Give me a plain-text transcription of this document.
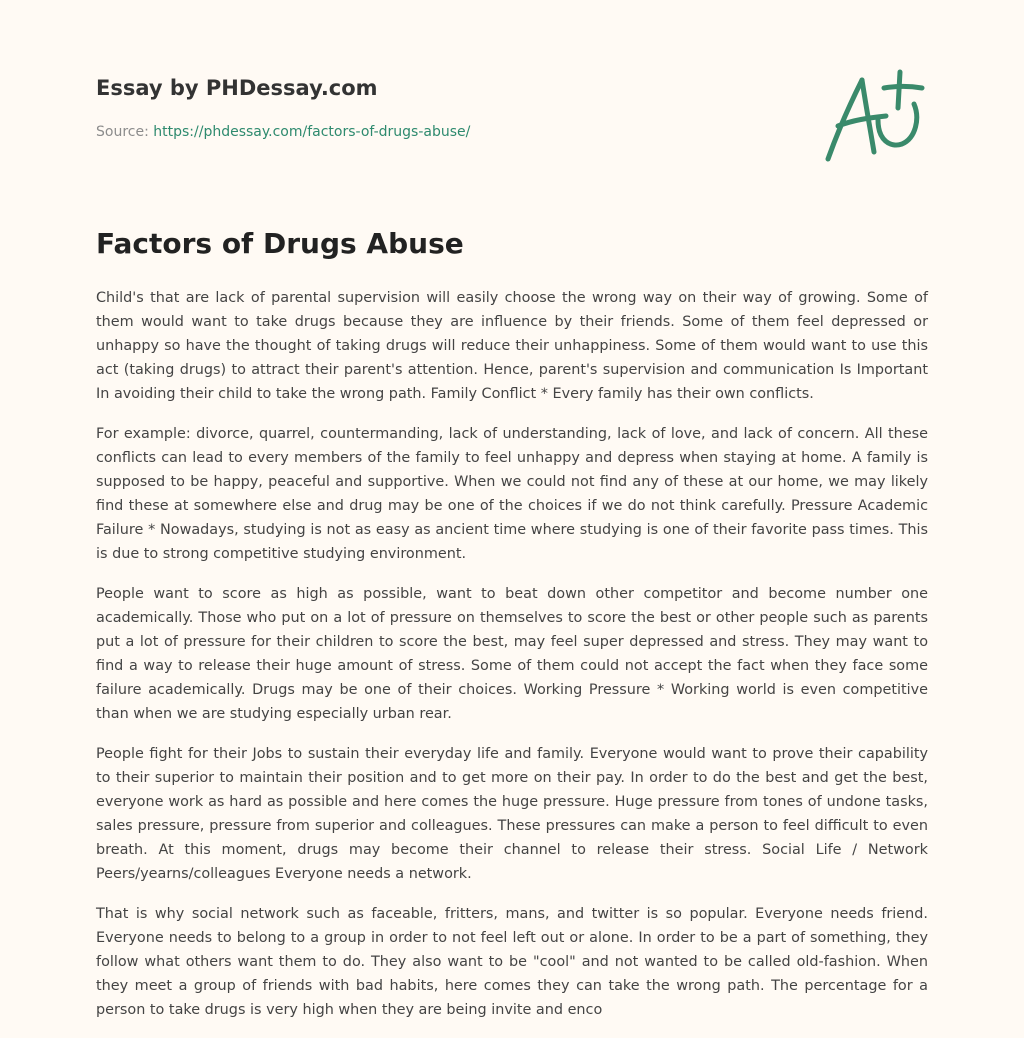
Essay by PHDessay.com
Source: https://phdessay.com/factors-of-drugs-abuse/
Factors of Drugs Abuse

Child's that are lack of parental supervision will easily choose the wrong way on their way of growing. Some of them would want to take drugs because they are influence by their friends. Some of them feel depressed or unhappy so have the thought of taking drugs will reduce their unhappiness. Some of them would want to use this act (taking drugs) to attract their parent's attention. Hence, parent's supervision and communication Is Important In avoiding their child to take the wrong path. Family Conflict * Every family has their own conflicts.

For example: divorce, quarrel, countermanding, lack of understanding, lack of love, and lack of concern. All these conflicts can lead to every members of the family to feel unhappy and depress when staying at home. A family is supposed to be happy, peaceful and supportive. When we could not find any of these at our home, we may likely find these at somewhere else and drug may be one of the choices if we do not think carefully. Pressure Academic Failure * Nowadays, studying is not as easy as ancient time where studying is one of their favorite pass times. This is due to strong competitive studying environment.

People want to score as high as possible, want to beat down other competitor and become number one academically. Those who put on a lot of pressure on themselves to score the best or other people such as parents put a lot of pressure for their children to score the best, may feel super depressed and stress. They may want to find a way to release their huge amount of stress. Some of them could not accept the fact when they face some failure academically. Drugs may be one of their choices. Working Pressure * Working world is even competitive than when we are studying especially urban rear.

People fight for their Jobs to sustain their everyday life and family. Everyone would want to prove their capability to their superior to maintain their position and to get more on their pay. In order to do the best and get the best, everyone work as hard as possible and here comes the huge pressure. Huge pressure from tones of undone tasks, sales pressure, pressure from superior and colleagues. These pressures can make a person to feel difficult to even breath. At this moment, drugs may become their channel to release their stress. Social Life / Network Peers/yearns/colleagues Everyone needs a network.

That is why social network such as faceable, fritters, mans, and twitter is so popular. Everyone needs friend. Everyone needs to belong to a group in order to not feel left out or alone. In order to be a part of something, they follow what others want them to do. They also want to be "cool" and not wanted to be called old-fashion. When they meet a group of friends with bad habits, here comes they can take the wrong path. The percentage for a person to take drugs is very high when they are being invite and enco
